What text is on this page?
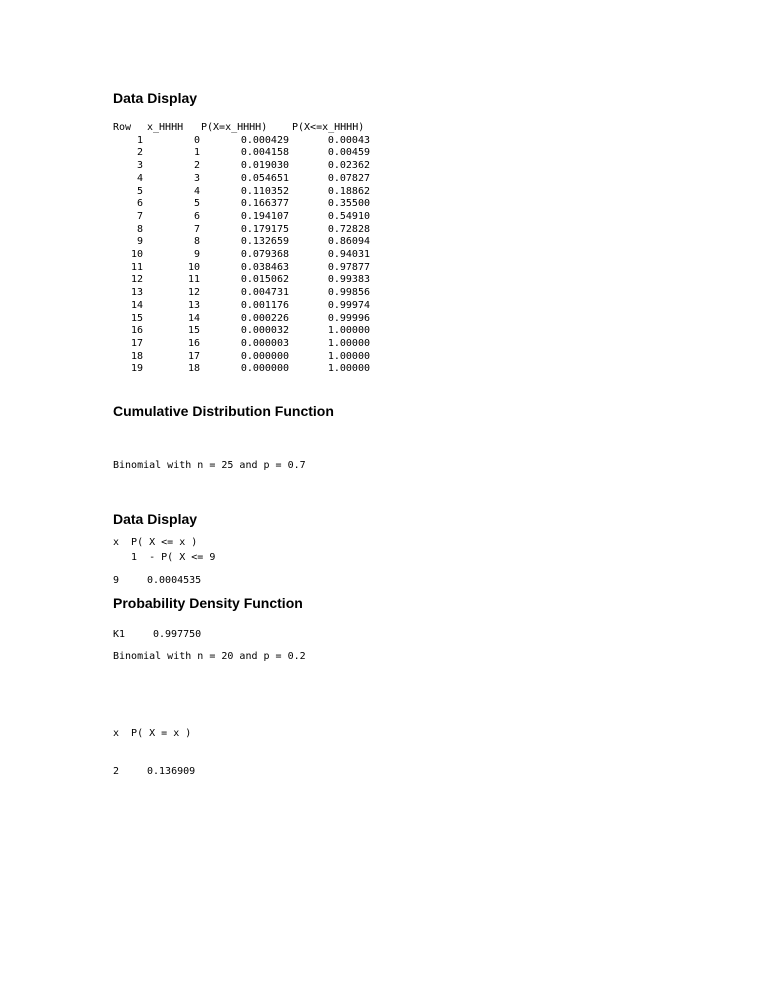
Data Display
Row	x_HHHH	P(X=x_HHHH)	P(X<=x_HHHH)
1	0	0.000429	0.00043
2	1	0.004158	0.00459
3	2	0.019030	0.02362
4	3	0.054651	0.07827
5	4	0.110352	0.18862
6	5	0.166377	0.35500
7	6	0.194107	0.54910
8	7	0.179175	0.72828
9	8	0.132659	0.86094
10	9	0.079368	0.94031
11	10	0.038463	0.97877
12	11	0.015062	0.99383
13	12	0.004731	0.99856
14	13	0.001176	0.99974
15	14	0.000226	0.99996
16	15	0.000032	1.00000
17	16	0.000003	1.00000
18	17	0.000000	1.00000
19	18	0.000000	1.00000
Cumulative Distribution Function

Binomial with n = 25 and p = 0.7

x  P( X <= x )

9	0.0004535

Data Display

1  - P( X <= 9

K1	0.997750

Probability Density Function

Binomial with n = 20 and p = 0.2

x  P( X = x )

2	0.136909
